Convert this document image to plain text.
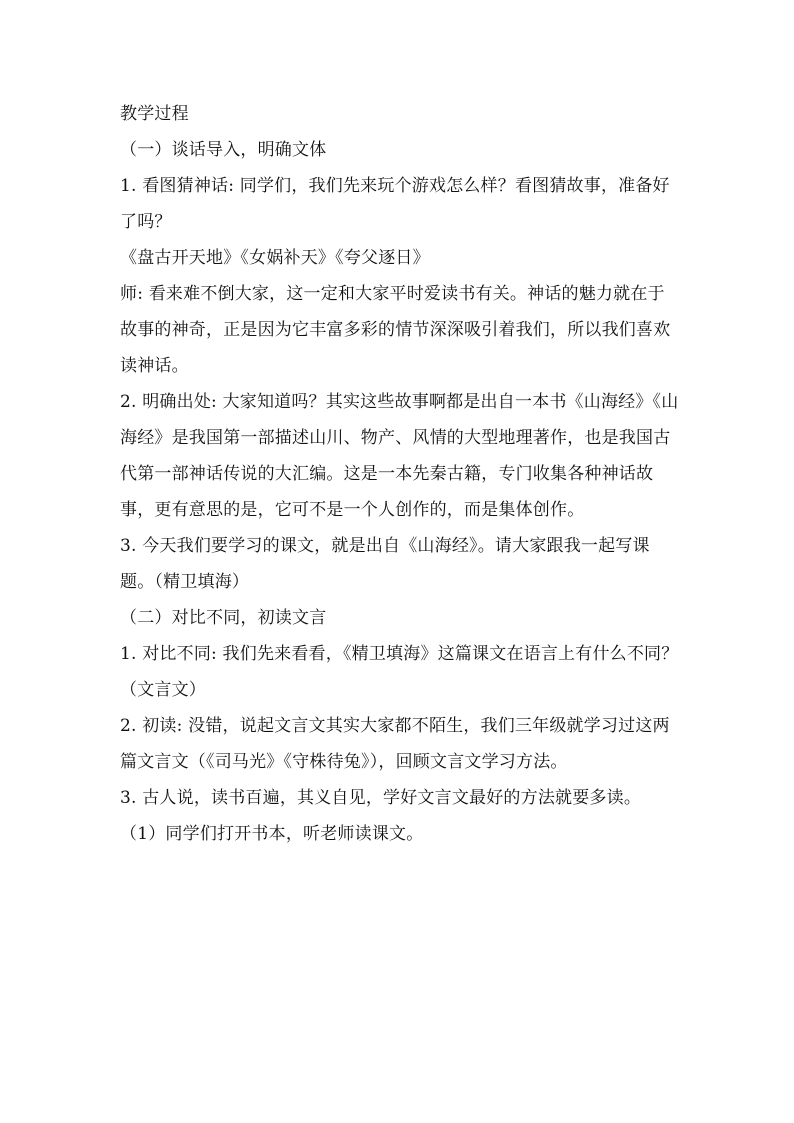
教学过程

（一）谈话导入，明确文体

1. 看图猜神话: 同学们，我们先来玩个游戏怎么样？看图猜故事，准备好了吗？

《盘古开天地》《女娲补天》《夸父逐日》

师: 看来难不倒大家，这一定和大家平时爱读书有关。神话的魅力就在于故事的神奇，正是因为它丰富多彩的情节深深吸引着我们，所以我们喜欢读神话。

2. 明确出处: 大家知道吗？其实这些故事啊都是出自一本书《山海经》《山海经》是我国第一部描述山川、物产、风情的大型地理著作，也是我国古代第一部神话传说的大汇编。这是一本先秦古籍，专门收集各种神话故事，更有意思的是，它可不是一个人创作的，而是集体创作。

3. 今天我们要学习的课文，就是出自《山海经》。请大家跟我一起写课题。（精卫填海）

（二）对比不同，初读文言

1. 对比不同: 我们先来看看，《精卫填海》这篇课文在语言上有什么不同？（文言文）

2. 初读: 没错，说起文言文其实大家都不陌生，我们三年级就学习过这两篇文言文（《司马光》《守株待兔》），回顾文言文学习方法。

3. 古人说，读书百遍，其义自见，学好文言文最好的方法就要多读。

（1）同学们打开书本，听老师读课文。
